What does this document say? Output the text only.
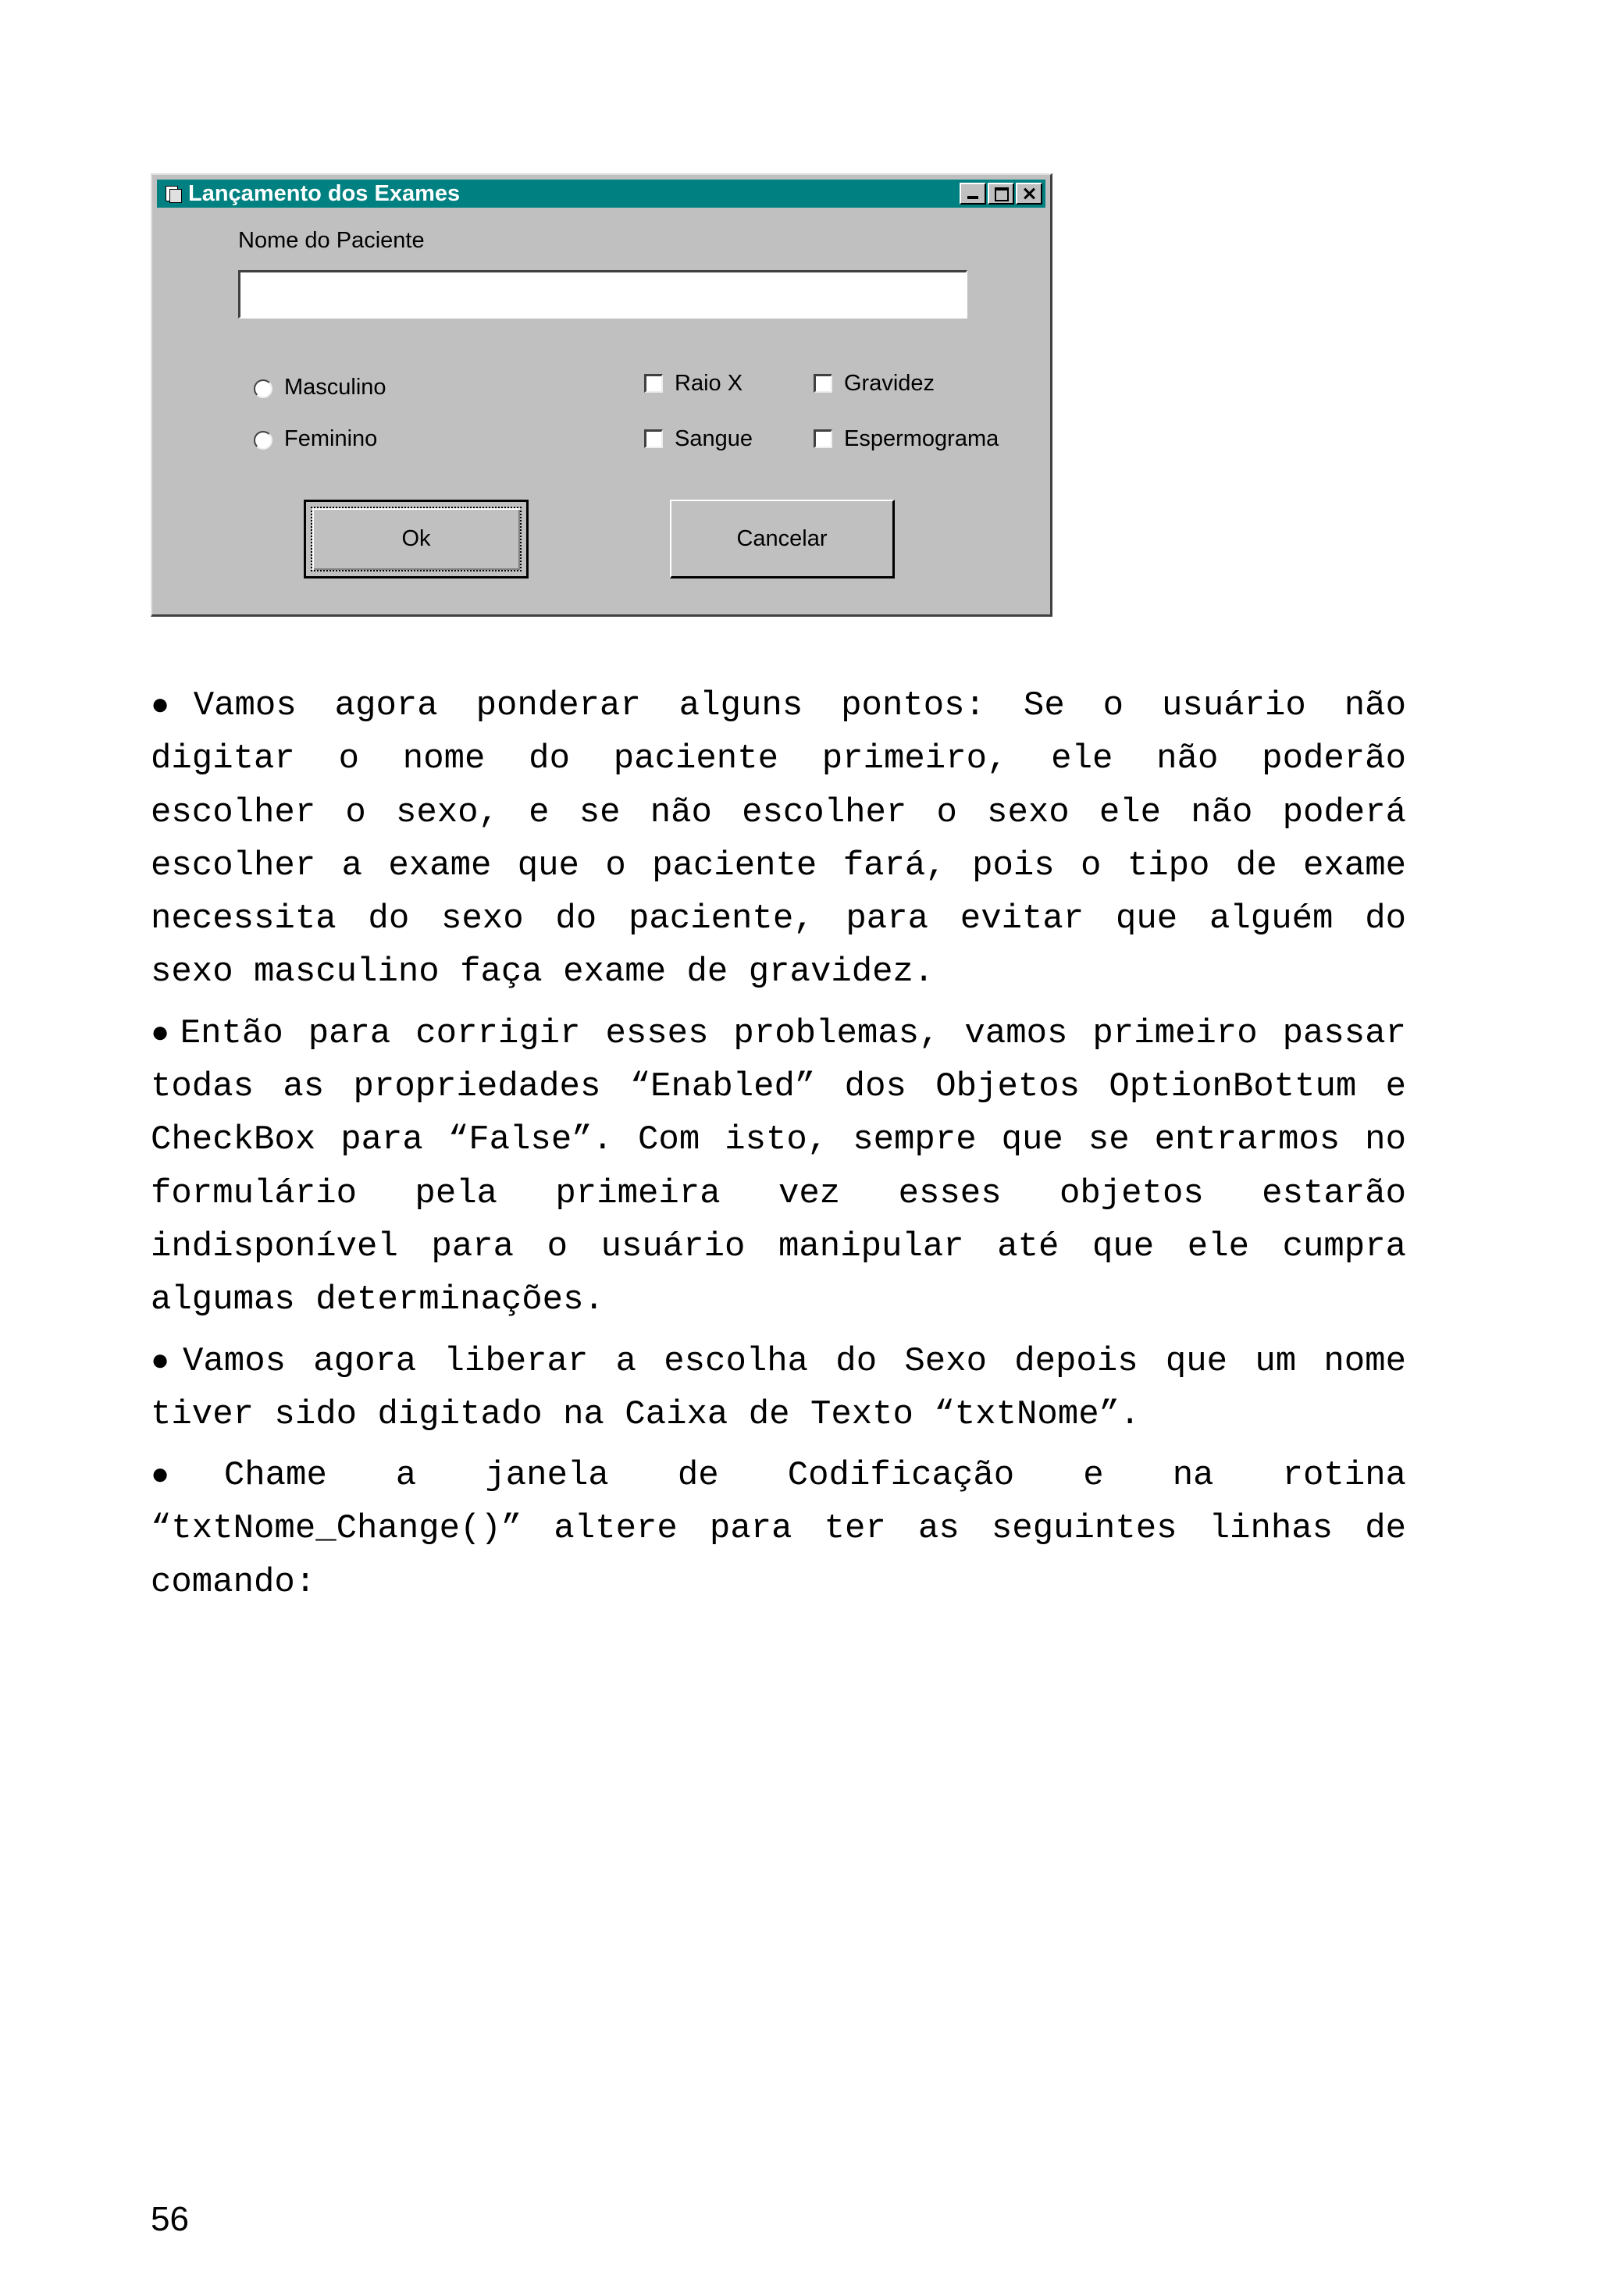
Lançamento dos Exames
Nome do Paciente
Masculino
Feminino
Raio X	Gravidez
Sangue	Espermograma
Ok	Cancelar

● Vamos agora ponderar alguns pontos: Se o usuário não digitar o nome do paciente primeiro, ele não poderão escolher o sexo, e se não escolher o sexo ele não poderá escolher a exame que o paciente fará, pois o tipo de exame necessita do sexo do paciente, para evitar que alguém do sexo masculino faça exame de gravidez.

● Então para corrigir esses problemas, vamos primeiro passar todas as propriedades “Enabled” dos Objetos OptionBottum e CheckBox para “False”. Com isto, sempre que se entrarmos no formulário pela primeira vez esses objetos estarão indisponível para o usuário manipular até que ele cumpra algumas determinações.

● Vamos agora liberar a escolha do Sexo depois que um nome tiver sido digitado na Caixa de Texto “txtNome”.

● Chame a janela de Codificação e na rotina “txtNome_Change()” altere para ter as seguintes linhas de comando:

56
